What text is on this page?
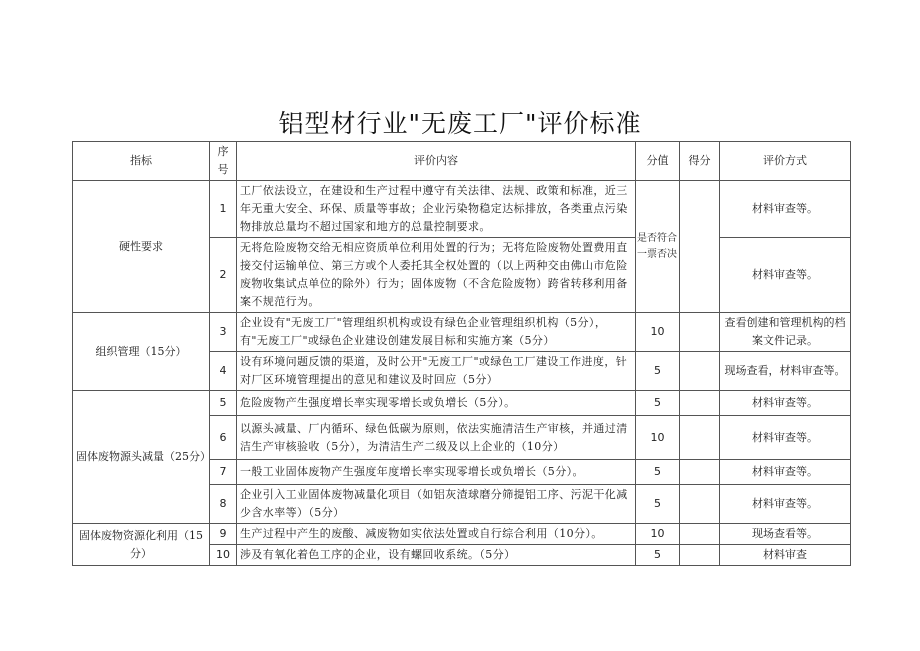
铝型材行业"无废工厂"评价标准
指标	序号	评价内容	分值	得分	评价方式
硬性要求	1	工厂依法设立，在建设和生产过程中遵守有关法律、法规、政策和标准，近三年无重大安全、环保、质量等事故；企业污染物稳定达标排放，各类重点污染物排放总量均不超过国家和地方的总量控制要求。	是否符合一票否决		材料审查等。
	2	无将危险废物交给无相应资质单位利用处置的行为；无将危险废物处置费用直接交付运输单位、第三方或个人委托其全权处置的（以上两种交由佛山市危险废物收集试点单位的除外）行为；固体废物（不含危险废物）跨省转移利用备案不规范行为。			材料审查等。
组织管理（15分）	3	企业设有"无废工厂"管理组织机构或设有绿色企业管理组织机构（5分），有"无废工厂"或绿色企业建设创建发展目标和实施方案（5分）	10		查看创建和管理机构的档案文件记录。
	4	设有环境问题反馈的渠道，及时公开"无废工厂"或绿色工厂建设工作进度，针对厂区环境管理提出的意见和建议及时回应（5分）	5		现场查看，材料审查等。
固体废物源头减量（25分）	5	危险废物产生强度增长率实现零增长或负增长（5分）。	5		材料审查等。
	6	以源头减量、厂内循环、绿色低碳为原则，依法实施清洁生产审核，并通过清洁生产审核验收（5分），为清洁生产二级及以上企业的（10分）	10		材料审查等。
	7	一般工业固体废物产生强度年度增长率实现零增长或负增长（5分）。	5		材料审查等。
	8	企业引入工业固体废物减量化项目（如铝灰渣球磨分筛提铝工序、污泥干化减少含水率等）（5分）	5		材料审查等。
固体废物资源化利用（15分）	9	生产过程中产生的废酸、减废物如实依法处置或自行综合利用（10分）。	10		现场查看等。
	10	涉及有氧化着色工序的企业，设有螺回收系统。（5分）	5		材料审查
